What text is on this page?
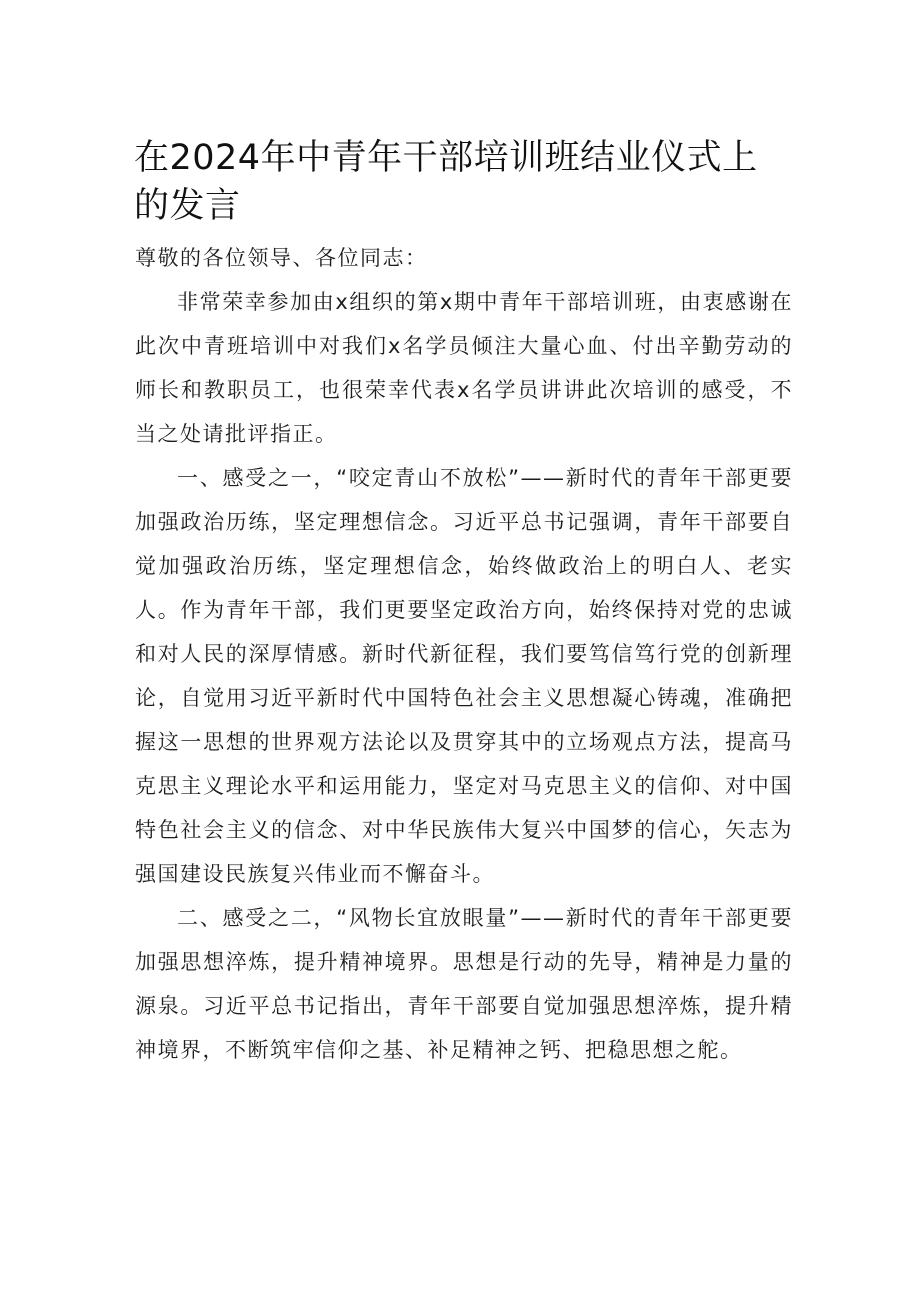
在2024年中青年干部培训班结业仪式上的发言

尊敬的各位领导、各位同志：

非常荣幸参加由x组织的第x期中青年干部培训班，由衷感谢在此次中青班培训中对我们x名学员倾注大量心血、付出辛勤劳动的师长和教职员工，也很荣幸代表x名学员讲讲此次培训的感受，不当之处请批评指正。

一、感受之一，“咬定青山不放松”——新时代的青年干部更要加强政治历练，坚定理想信念。习近平总书记强调，青年干部要自觉加强政治历练，坚定理想信念，始终做政治上的明白人、老实人。作为青年干部，我们更要坚定政治方向，始终保持对党的忠诚和对人民的深厚情感。新时代新征程，我们要笃信笃行党的创新理论，自觉用习近平新时代中国特色社会主义思想凝心铸魂，准确把握这一思想的世界观方法论以及贯穿其中的立场观点方法，提高马克思主义理论水平和运用能力，坚定对马克思主义的信仰、对中国特色社会主义的信念、对中华民族伟大复兴中国梦的信心，矢志为强国建设民族复兴伟业而不懈奋斗。

二、感受之二，“风物长宜放眼量”——新时代的青年干部更要加强思想淬炼，提升精神境界。思想是行动的先导，精神是力量的源泉。习近平总书记指出，青年干部要自觉加强思想淬炼，提升精神境界，不断筑牢信仰之基、补足精神之钙、把稳思想之舵。
